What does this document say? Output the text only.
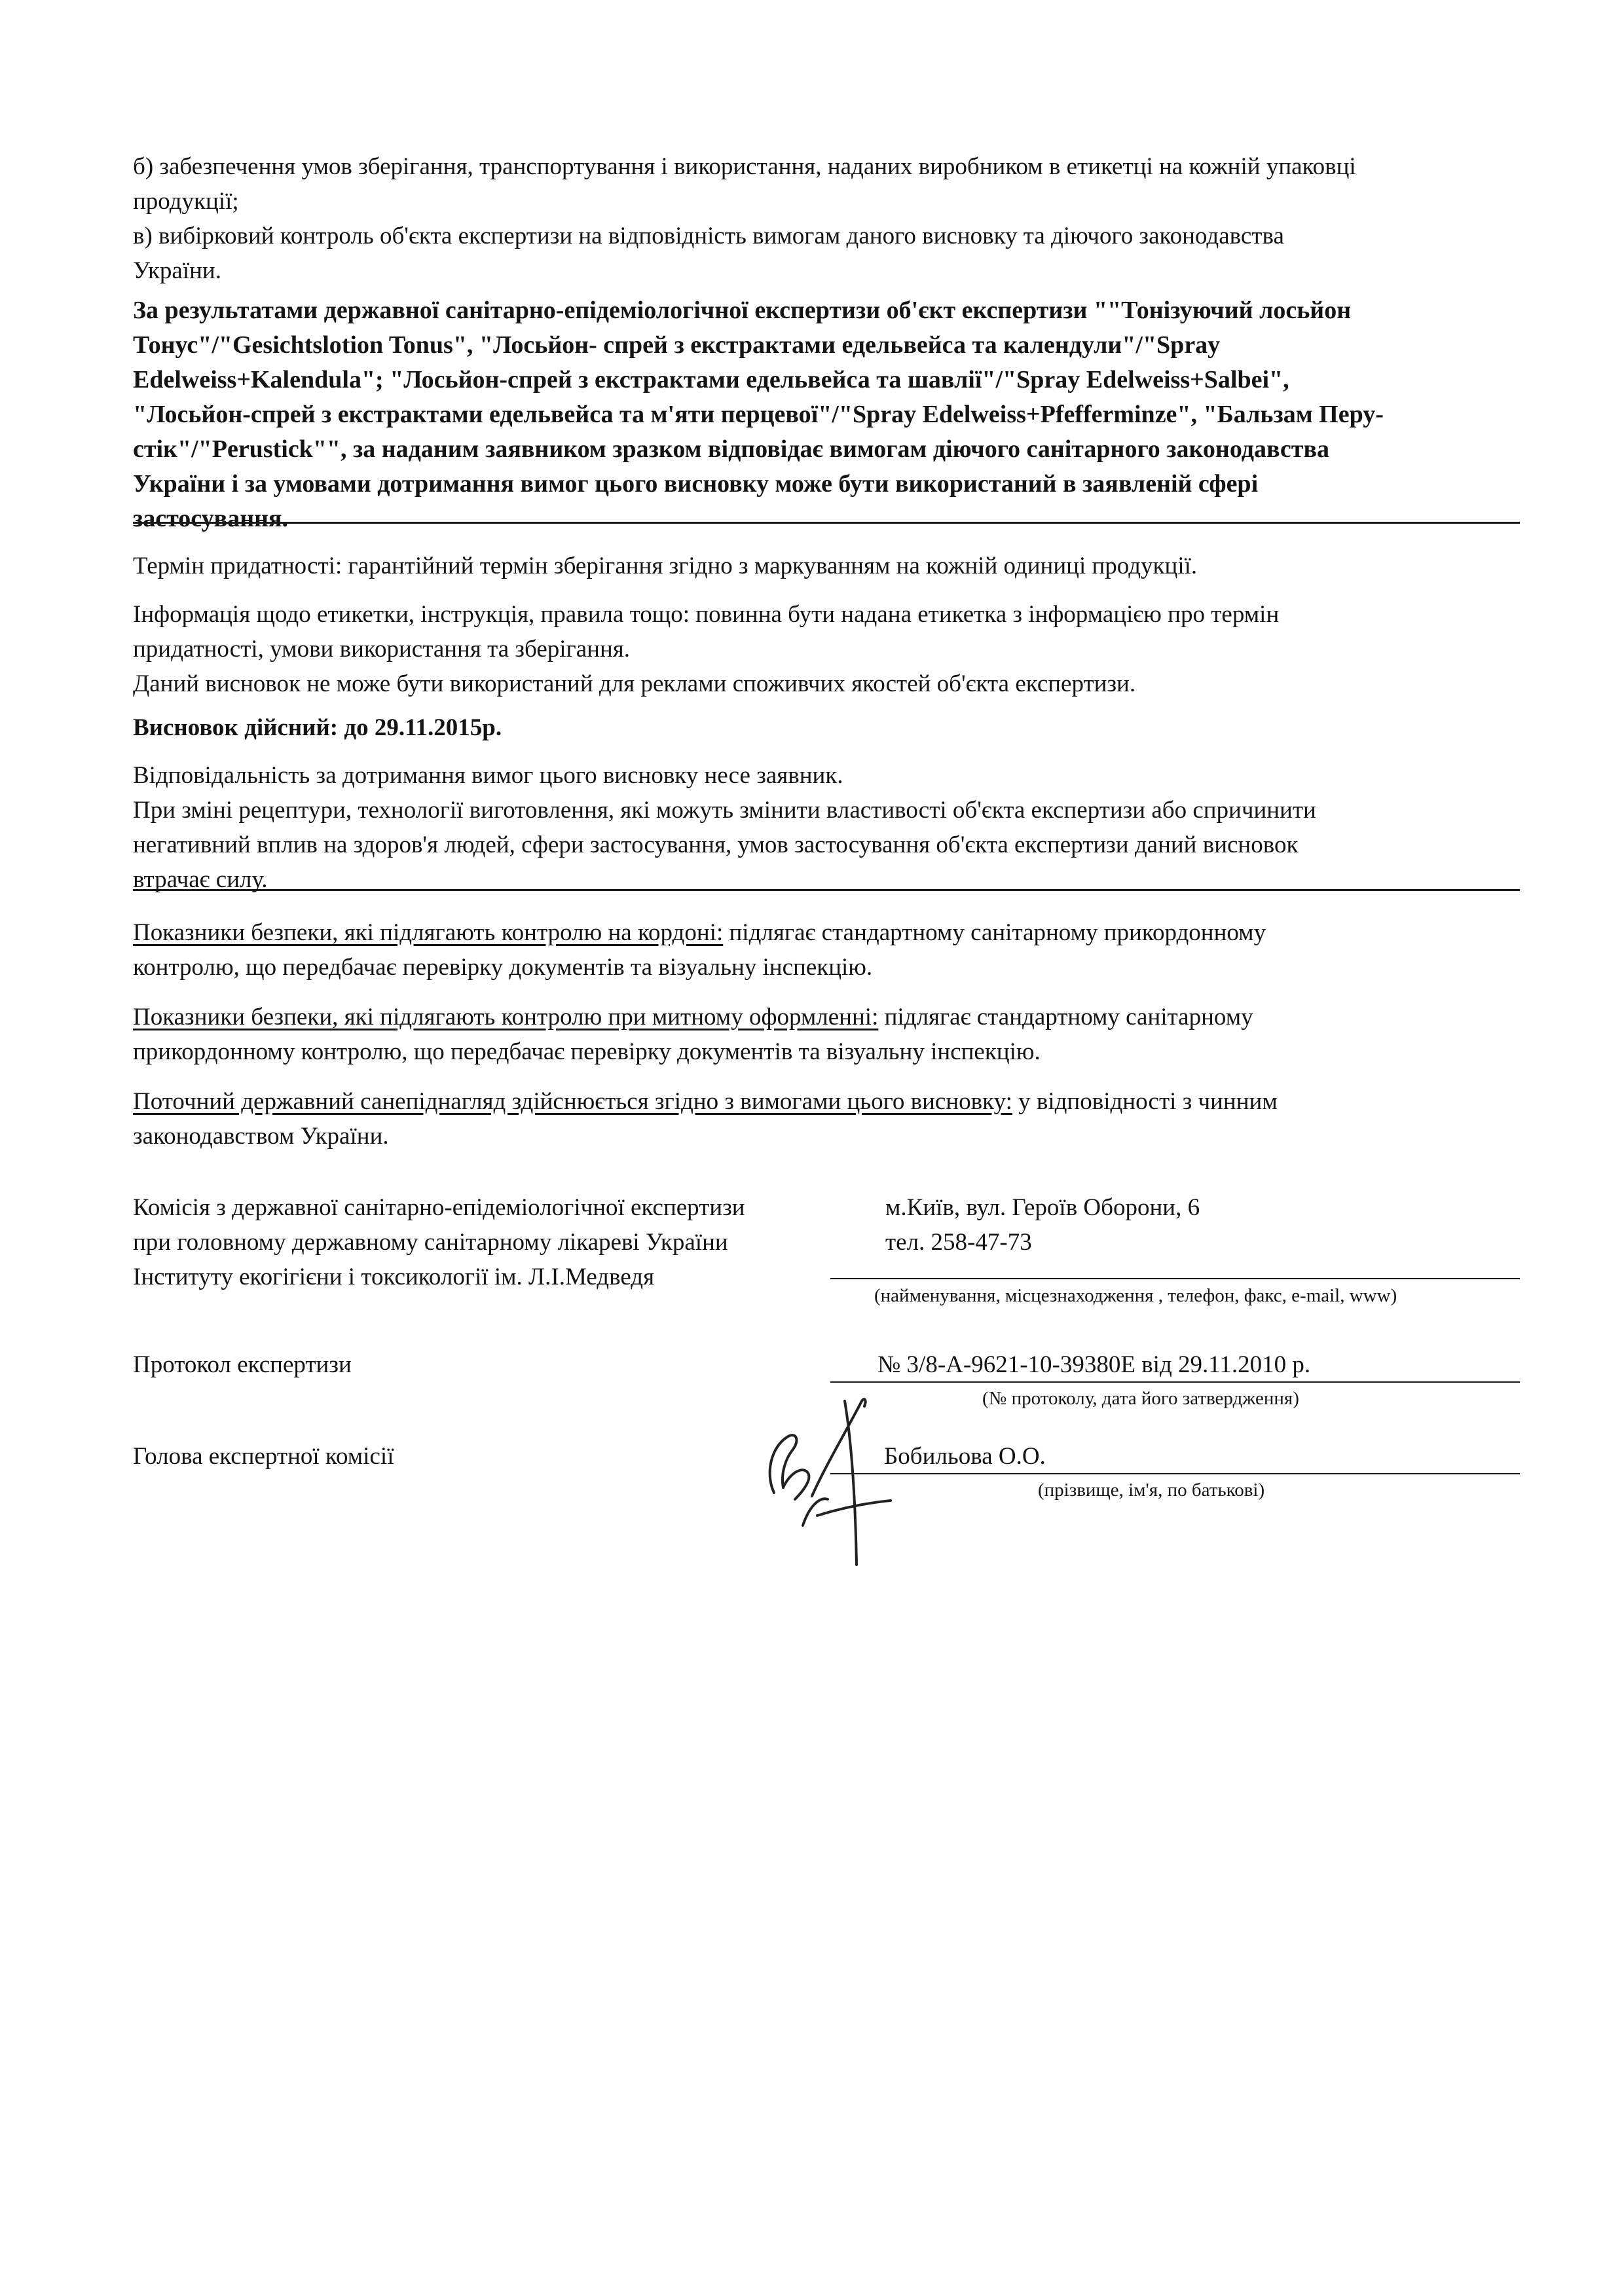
б) забезпечення умов зберігання, транспортування і використання, наданих виробником в етикетці на кожній упаковці
продукції;
в) вибірковий контроль об'єкта експертизи на відповідність вимогам даного висновку та діючого законодавства
України.
За результатами державної санітарно-епідеміологічної експертизи об'єкт експертизи ""Тонізуючий лосьйон
Тонус"/"Gesichtslotion Tonus", "Лосьйон- спрей з екстрактами едельвейса та календули"/"Spray
Edelweiss+Kalendula"; "Лосьйон-спрей з екстрактами едельвейса та шавлії"/"Spray Edelweiss+Salbei",
"Лосьйон-спрей з екстрактами едельвейса та м'яти перцевої"/"Spray Edelweiss+Pfefferminze", "Бальзам Перу-
стік"/"Perustick"", за наданим заявником зразком відповідає вимогам діючого санітарного законодавства
України і за умовами дотримання вимог цього висновку може бути використаний в заявленій сфері
застосування.
Термін придатності: гарантійний термін зберігання згідно з маркуванням на кожній одиниці продукції.
Інформація щодо етикетки, інструкція, правила тощо: повинна бути надана етикетка з інформацією про термін
придатності, умови використання та зберігання.
Даний висновок не може бути використаний для реклами споживчих якостей об'єкта експертизи.
Висновок дійсний: до 29.11.2015р.
Відповідальність за дотримання вимог цього висновку несе заявник.
При зміні рецептури, технології виготовлення, які можуть змінити властивості об'єкта експертизи або спричинити
негативний вплив на здоров'я людей, сфери застосування, умов застосування об'єкта експертизи даний висновок
втрачає силу.
Показники безпеки, які підлягають контролю на кордоні: підлягає стандартному санітарному прикордонному
контролю, що передбачає перевірку документів та візуальну інспекцію.
Показники безпеки, які підлягають контролю при митному оформленні: підлягає стандартному санітарному
прикордонному контролю, що передбачає перевірку документів та візуальну інспекцію.
Поточний державний санепіднагляд здійснюється згідно з вимогами цього висновку: у відповідності з чинним
законодавством України.
Комісія з державної санітарно-епідеміологічної експертизи
при головному державному санітарному лікареві України
Інституту екогігієни і токсикології ім. Л.І.Медведя
м.Київ, вул. Героїв Оборони, 6
тел. 258-47-73
(найменування, місцезнаходження , телефон, факс, e-mail, www)
Протокол експертизи	№ 3/8-А-9621-10-39380Е від 29.11.2010 р.
(№ протоколу, дата його затвердження)
Голова експертної комісії	Бобильова О.О.
(прізвище, ім'я, по батькові)
